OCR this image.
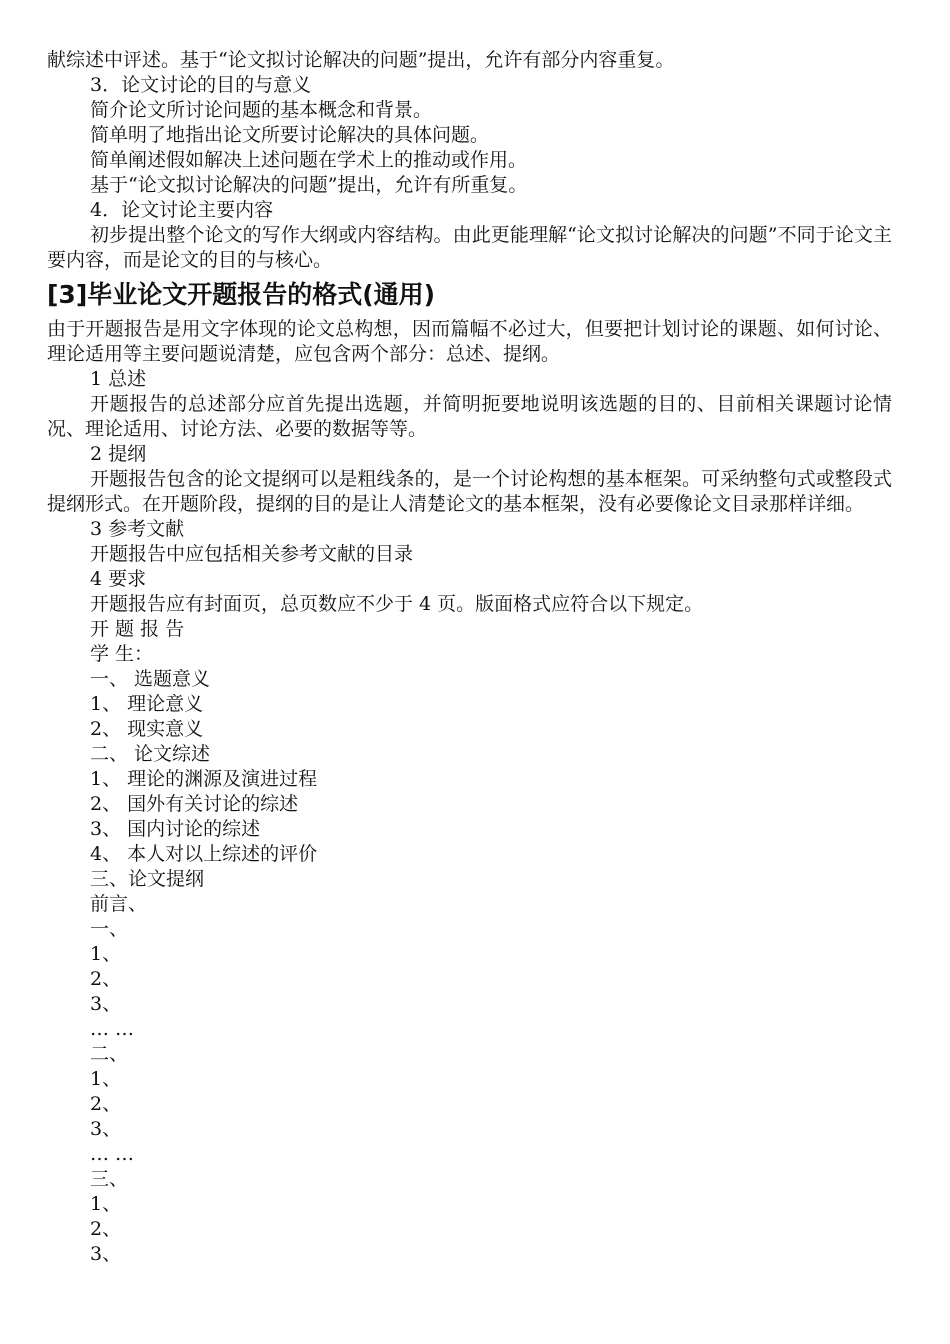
献综述中评述。基于“论文拟讨论解决的问题”提出，允许有部分内容重复。

3．论文讨论的目的与意义

简介论文所讨论问题的基本概念和背景。

简单明了地指出论文所要讨论解决的具体问题。

简单阐述假如解决上述问题在学术上的推动或作用。

基于“论文拟讨论解决的问题”提出，允许有所重复。

4．论文讨论主要内容

初步提出整个论文的写作大纲或内容结构。由此更能理解“论文拟讨论解决的问题”不同于论文主要内容，而是论文的目的与核心。

[3]毕业论文开题报告的格式(通用)

由于开题报告是用文字体现的论文总构想，因而篇幅不必过大，但要把计划讨论的课题、如何讨论、理论适用等主要问题说清楚，应包含两个部分：总述、提纲。

1 总述

开题报告的总述部分应首先提出选题，并简明扼要地说明该选题的目的、目前相关课题讨论情况、理论适用、讨论方法、必要的数据等等。

2 提纲

开题报告包含的论文提纲可以是粗线条的，是一个讨论构想的基本框架。可采纳整句式或整段式提纲形式。在开题阶段，提纲的目的是让人清楚论文的基本框架，没有必要像论文目录那样详细。

3 参考文献

开题报告中应包括相关参考文献的目录

4 要求

开题报告应有封面页，总页数应不少于 4 页。版面格式应符合以下规定。

开 题 报 告

学 生：

一、 选题意义

1、 理论意义

2、 现实意义

二、 论文综述

1、 理论的渊源及演进过程

2、 国外有关讨论的综述

3、 国内讨论的综述

4、 本人对以上综述的评价

三、论文提纲

前言、

一、

1、

2、

3、

… …

二、

1、

2、

3、

… …

三、

1、

2、

3、
